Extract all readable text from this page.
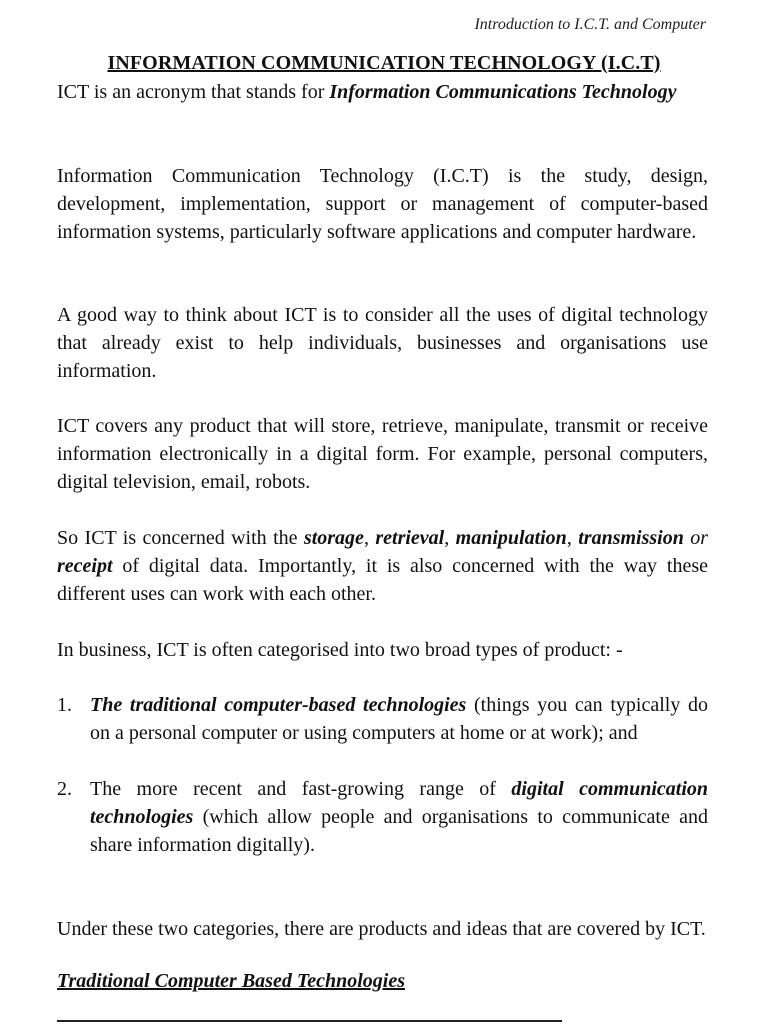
Introduction to I.C.T. and Computer
INFORMATION COMMUNICATION TECHNOLOGY (I.C.T)
ICT is an acronym that stands for Information Communications Technology
Information Communication Technology (I.C.T) is the study, design, development, implementation, support or management of computer-based information systems, particularly software applications and computer hardware.
A good way to think about ICT is to consider all the uses of digital technology that already exist to help individuals, businesses and organisations use information.
ICT covers any product that will store, retrieve, manipulate, transmit or receive information electronically in a digital form. For example, personal computers, digital television, email, robots.
So ICT is concerned with the storage, retrieval, manipulation, transmission or receipt of digital data. Importantly, it is also concerned with the way these different uses can work with each other.
In business, ICT is often categorised into two broad types of product: -
1. The traditional computer-based technologies (things you can typically do on a personal computer or using computers at home or at work); and
2. The more recent and fast-growing range of digital communication technologies (which allow people and organisations to communicate and share information digitally).
Under these two categories, there are products and ideas that are covered by ICT.
Traditional Computer Based Technologies
